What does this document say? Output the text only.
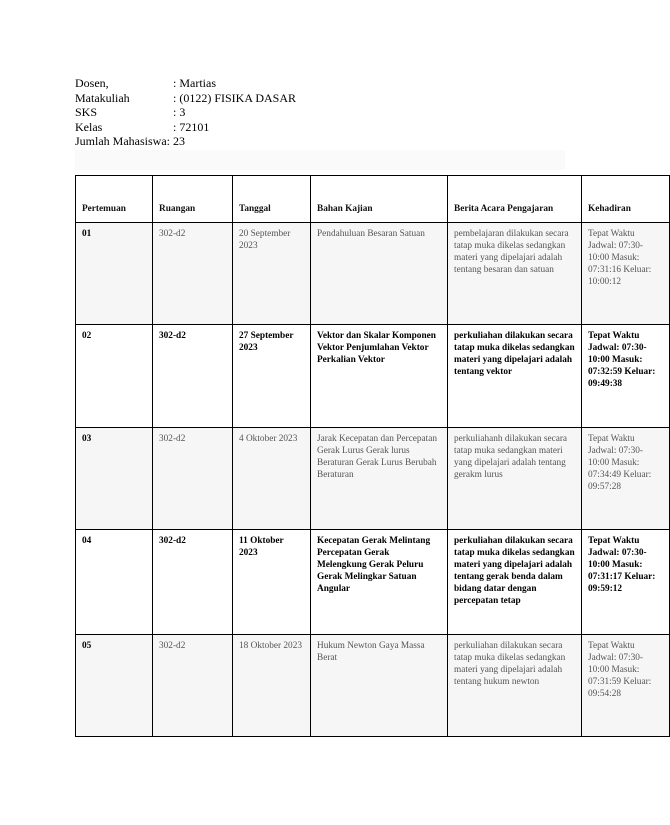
Dosen,	: Martias
Matakuliah	: (0122) FISIKA DASAR
SKS	: 3
Kelas	: 72101
Jumlah Mahasiswa : 23
Pertemuan	Ruangan	Tanggal	Bahan Kajian	Berita Acara Pengajaran	Kehadiran
01	302-d2	20 September 2023	Pendahuluan Besaran Satuan	pembelajaran dilakukan secara tatap muka dikelas sedangkan materi yang dipelajari adalah tentang besaran dan satuan	Tepat Waktu Jadwal: 07:30-10:00 Masuk: 07:31:16 Keluar: 10:00:12
02	302-d2	27 September 2023	Vektor dan Skalar Komponen Vektor Penjumlahan Vektor Perkalian Vektor	perkuliahan dilakukan secara tatap muka dikelas sedangkan materi yang dipelajari adalah tentang vektor	Tepat Waktu Jadwal: 07:30-10:00 Masuk: 07:32:59 Keluar: 09:49:38
03	302-d2	4 Oktober 2023	Jarak Kecepatan dan Percepatan Gerak Lurus Gerak lurus Beraturan Gerak Lurus Berubah Beraturan	perkuliahanh dilakukan secara tatap muka sedangkan materi yang dipelajari adalah tentang gerakm lurus	Tepat Waktu Jadwal: 07:30-10:00 Masuk: 07:34:49 Keluar: 09:57:28
04	302-d2	11 Oktober 2023	Kecepatan Gerak Melintang Percepatan Gerak Melengkung Gerak Peluru Gerak Melingkar Satuan Angular	perkuliahan dilakukan secara tatap muka dikelas sedangkan materi yang dipelajari adalah tentang gerak benda dalam bidang datar dengan percepatan tetap	Tepat Waktu Jadwal: 07:30-10:00 Masuk: 07:31:17 Keluar: 09:59:12
05	302-d2	18 Oktober 2023	Hukum Newton Gaya Massa Berat	perkuliahan dilakukan secara tatap muka dikelas sedangkan materi yang dipelajari adalah tentang hukum newton	Tepat Waktu Jadwal: 07:30-10:00 Masuk: 07:31:59 Keluar: 09:54:28
